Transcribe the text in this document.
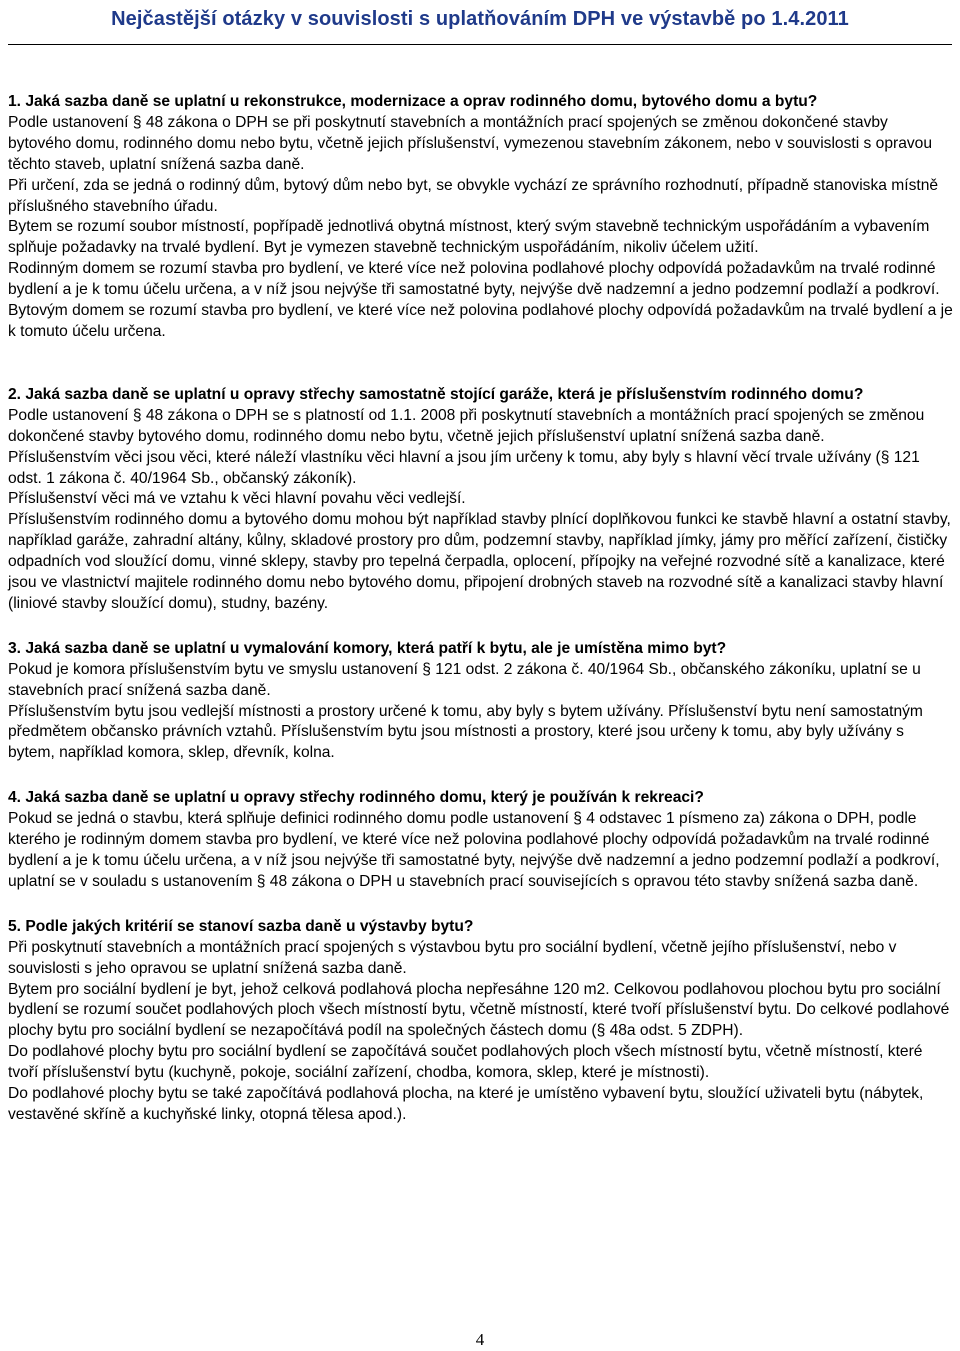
Nejčastější otázky v souvislosti s uplatňováním DPH ve výstavbě po 1.4.2011

1. Jaká sazba daně se uplatní u rekonstrukce, modernizace a oprav rodinného domu, bytového domu a bytu?

Podle ustanovení § 48 zákona o DPH se při poskytnutí stavebních a montážních prací spojených se změnou dokončené stavby bytového domu, rodinného domu nebo bytu, včetně jejich příslušenství, vymezenou stavebním zákonem, nebo v souvislosti s opravou těchto staveb, uplatní snížená sazba daně.

Při určení, zda se jedná o rodinný dům, bytový dům nebo byt, se obvykle vychází ze správního rozhodnutí, případně stanoviska místně příslušného stavebního úřadu.

Bytem se rozumí soubor místností, popřípadě jednotlivá obytná místnost, který svým stavebně technickým uspořádáním a vybavením splňuje požadavky na trvalé bydlení. Byt je vymezen stavebně technickým uspořádáním, nikoliv účelem užití.

Rodinným domem se rozumí stavba pro bydlení, ve které více než polovina podlahové plochy odpovídá požadavkům na trvalé rodinné bydlení a je k tomu účelu určena, a v níž jsou nejvýše tři samostatné byty, nejvýše dvě nadzemní a jedno podzemní podlaží a podkroví.

Bytovým domem se rozumí stavba pro bydlení, ve které více než polovina podlahové plochy odpovídá požadavkům na trvalé bydlení a je k tomuto účelu určena.

2. Jaká sazba daně se uplatní u opravy střechy samostatně stojící garáže, která je příslušenstvím rodinného domu?

Podle ustanovení § 48 zákona o DPH se s platností od 1.1. 2008 při poskytnutí stavebních a montážních prací spojených se změnou dokončené stavby bytového domu, rodinného domu nebo bytu, včetně jejich příslušenství uplatní snížená sazba daně.

Příslušenstvím věci jsou věci, které náleží vlastníku věci hlavní a jsou jím určeny k tomu, aby byly s hlavní věcí trvale užívány (§ 121 odst. 1 zákona č. 40/1964 Sb., občanský zákoník).

Příslušenství věci má ve vztahu k věci hlavní povahu věci vedlejší.

Příslušenstvím rodinného domu a bytového domu mohou být například stavby plnící doplňkovou funkci ke stavbě hlavní a ostatní stavby, například garáže, zahradní altány, kůlny, skladové prostory pro dům, podzemní stavby, například jímky, jámy pro měřící zařízení, čističky odpadních vod sloužící domu, vinné sklepy, stavby pro tepelná čerpadla, oplocení, přípojky na veřejné rozvodné sítě a kanalizace, které jsou ve vlastnictví majitele rodinného domu nebo bytového domu, připojení drobných staveb na rozvodné sítě a kanalizaci stavby hlavní (liniové stavby sloužící domu), studny, bazény.

3. Jaká sazba daně se uplatní u vymalování komory, která patří k bytu, ale je umístěna mimo byt?

Pokud je komora příslušenstvím bytu ve smyslu ustanovení § 121 odst. 2 zákona č. 40/1964 Sb., občanského zákoníku, uplatní se u stavebních prací snížená sazba daně.

Příslušenstvím bytu jsou vedlejší místnosti a prostory určené k tomu, aby byly s bytem užívány. Příslušenství bytu není samostatným předmětem občansko právních vztahů. Příslušenstvím bytu jsou místnosti a prostory, které jsou určeny k tomu, aby byly užívány s bytem, například komora, sklep, dřevník, kolna.

4. Jaká sazba daně se uplatní u opravy střechy rodinného domu, který je používán k rekreaci?

Pokud se jedná o stavbu, která splňuje definici rodinného domu podle ustanovení § 4 odstavec 1 písmeno za) zákona o DPH, podle kterého je rodinným domem stavba pro bydlení, ve které více než polovina podlahové plochy odpovídá požadavkům na trvalé rodinné bydlení a je k tomu účelu určena, a v níž jsou nejvýše tři samostatné byty, nejvýše dvě nadzemní a jedno podzemní podlaží a podkroví, uplatní se v souladu s ustanovením § 48 zákona o DPH u stavebních prací souvisejících s opravou této stavby snížená sazba daně.

5. Podle jakých kritérií se stanoví sazba daně u výstavby bytu?

Při poskytnutí stavebních a montážních prací spojených s výstavbou bytu pro sociální bydlení, včetně jejího příslušenství, nebo v souvislosti s jeho opravou se uplatní snížená sazba daně.

Bytem pro sociální bydlení je byt, jehož celková podlahová plocha nepřesáhne 120 m2. Celkovou podlahovou plochou bytu pro sociální bydlení se rozumí součet podlahových ploch všech místností bytu, včetně místností, které tvoří příslušenství bytu. Do celkové podlahové plochy bytu pro sociální bydlení se nezapočítává podíl na společných částech domu (§ 48a odst. 5 ZDPH).

Do podlahové plochy bytu pro sociální bydlení se započítává součet podlahových ploch všech místností bytu, včetně místností, které tvoří příslušenství bytu (kuchyně, pokoje, sociální zařízení, chodba, komora, sklep, které je místnosti).

Do podlahové plochy bytu se také započítává podlahová plocha, na které je umístěno vybavení bytu, sloužící uživateli bytu (nábytek, vestavěné skříně a kuchyňské linky, otopná tělesa apod.).

4
